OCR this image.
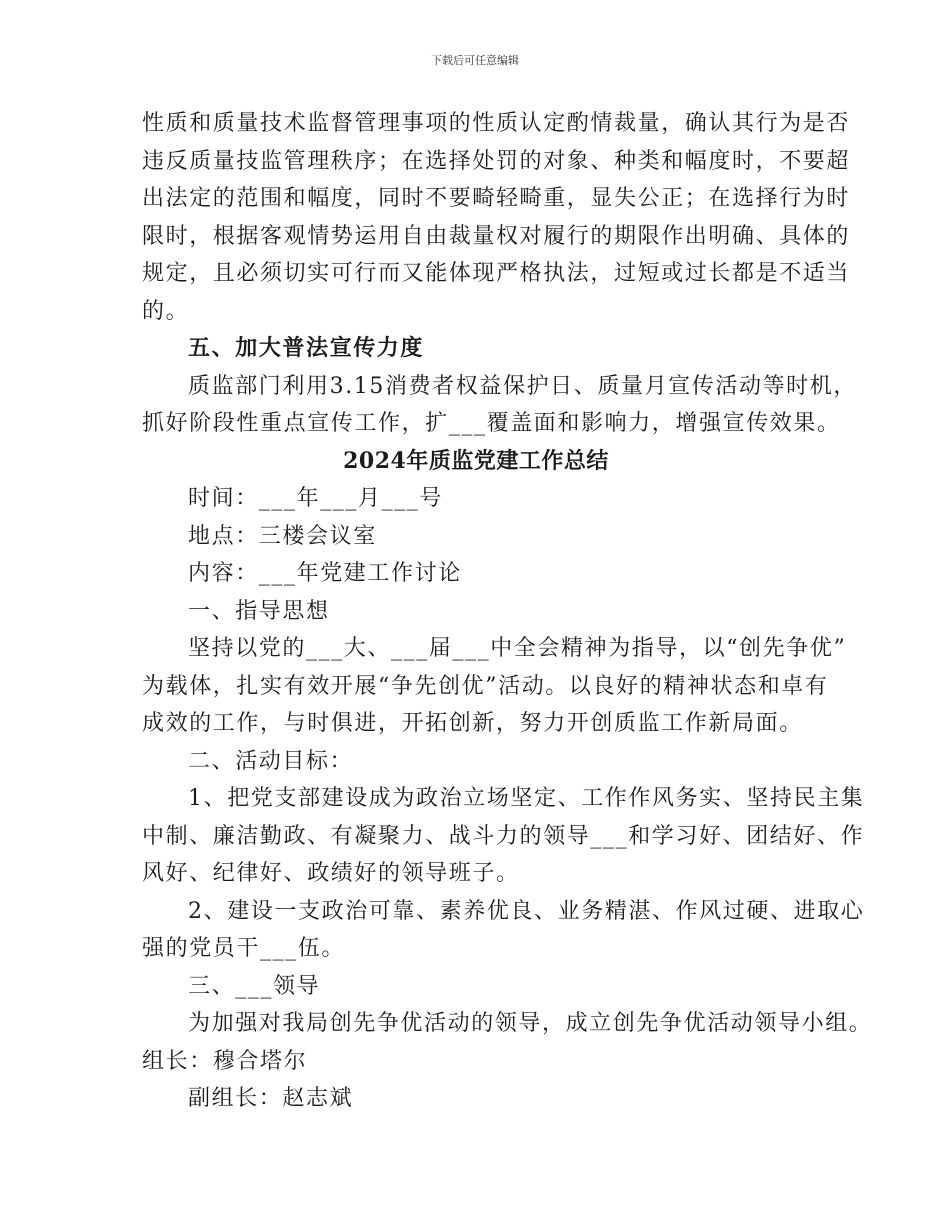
下载后可任意编辑
性质和质量技术监督管理事项的性质认定酌情裁量，确认其行为是否
违反质量技监管理秩序；在选择处罚的对象、种类和幅度时，不要超
出法定的范围和幅度，同时不要畸轻畸重，显失公正；在选择行为时
限时，根据客观情势运用自由裁量权对履行的期限作出明确、具体的
规定，且必须切实可行而又能体现严格执法，过短或过长都是不适当
的。
五、加大普法宣传力度
质监部门利用3.15消费者权益保护日、质量月宣传活动等时机，
抓好阶段性重点宣传工作，扩___覆盖面和影响力，增强宣传效果。
2024年质监党建工作总结
时间：___年___月___号
地点：三楼会议室
内容：___年党建工作讨论
一、指导思想
坚持以党的___大、___届___中全会精神为指导，以“创先争优”
为载体，扎实有效开展“争先创优”活动。以良好的精神状态和卓有
成效的工作，与时俱进，开拓创新，努力开创质监工作新局面。
二、活动目标：
1、把党支部建设成为政治立场坚定、工作作风务实、坚持民主集
中制、廉洁勤政、有凝聚力、战斗力的领导___和学习好、团结好、作
风好、纪律好、政绩好的领导班子。
2、建设一支政治可靠、素养优良、业务精湛、作风过硬、进取心
强的党员干___伍。
三、___领导
为加强对我局创先争优活动的领导，成立创先争优活动领导小组。
组长：穆合塔尔
副组长：赵志斌
